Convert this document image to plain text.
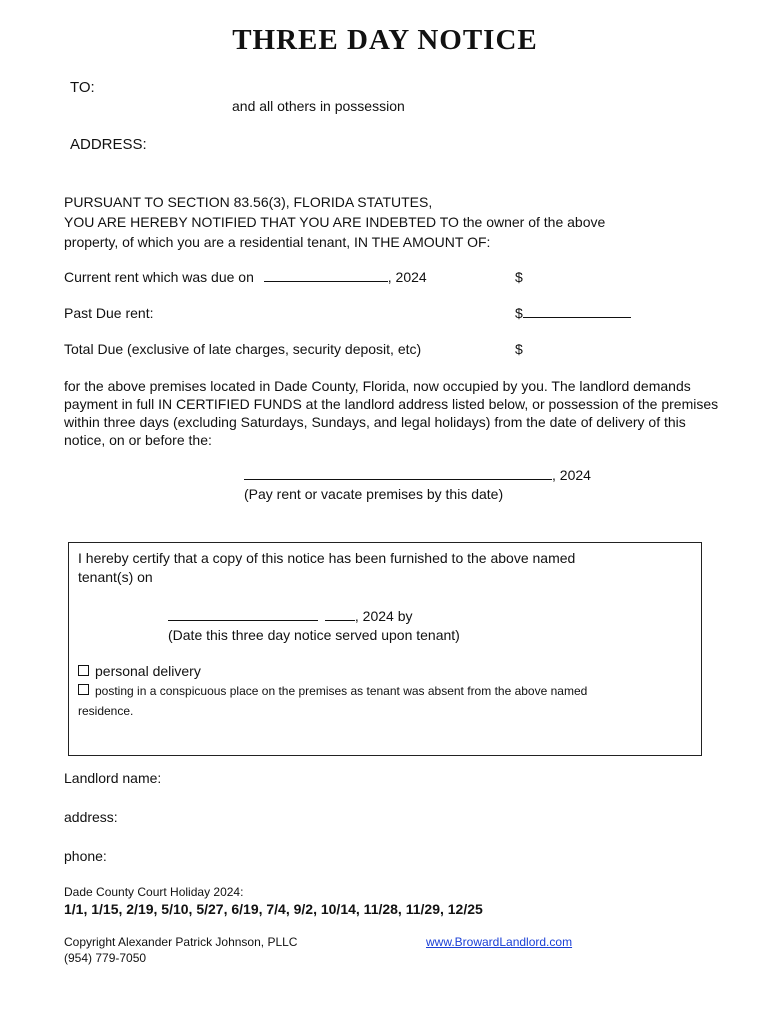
THREE DAY NOTICE
TO:
and all others in possession
ADDRESS:
PURSUANT TO SECTION 83.56(3), FLORIDA STATUTES,
YOU ARE HEREBY NOTIFIED THAT YOU ARE INDEBTED TO the owner of the above
property, of which you are a residential tenant, IN THE AMOUNT OF:
Current rent which was due on	, 2024	$
Past Due rent:	$
Total Due (exclusive of late charges, security deposit, etc)	$
for the above premises located in Dade County, Florida, now occupied by you. The landlord demands payment in full IN CERTIFIED FUNDS at the landlord address listed below, or possession of the premises within three days (excluding Saturdays, Sundays, and legal holidays) from the date of delivery of this notice, on or before the:
, 2024
(Pay rent or vacate premises by this date)
I hereby certify that a copy of this notice has been furnished to the above named
tenant(s) on
, 2024 by
(Date this three day notice served upon tenant)
personal delivery
posting in a conspicuous place on the premises as tenant was absent from the above named
residence.
Landlord name:
address:
phone:
Dade County Court Holiday 2024:
1/1, 1/15, 2/19, 5/10, 5/27, 6/19, 7/4, 9/2, 10/14, 11/28, 11/29, 12/25
Copyright Alexander Patrick Johnson, PLLC
(954) 779-7050
www.BrowardLandlord.com
